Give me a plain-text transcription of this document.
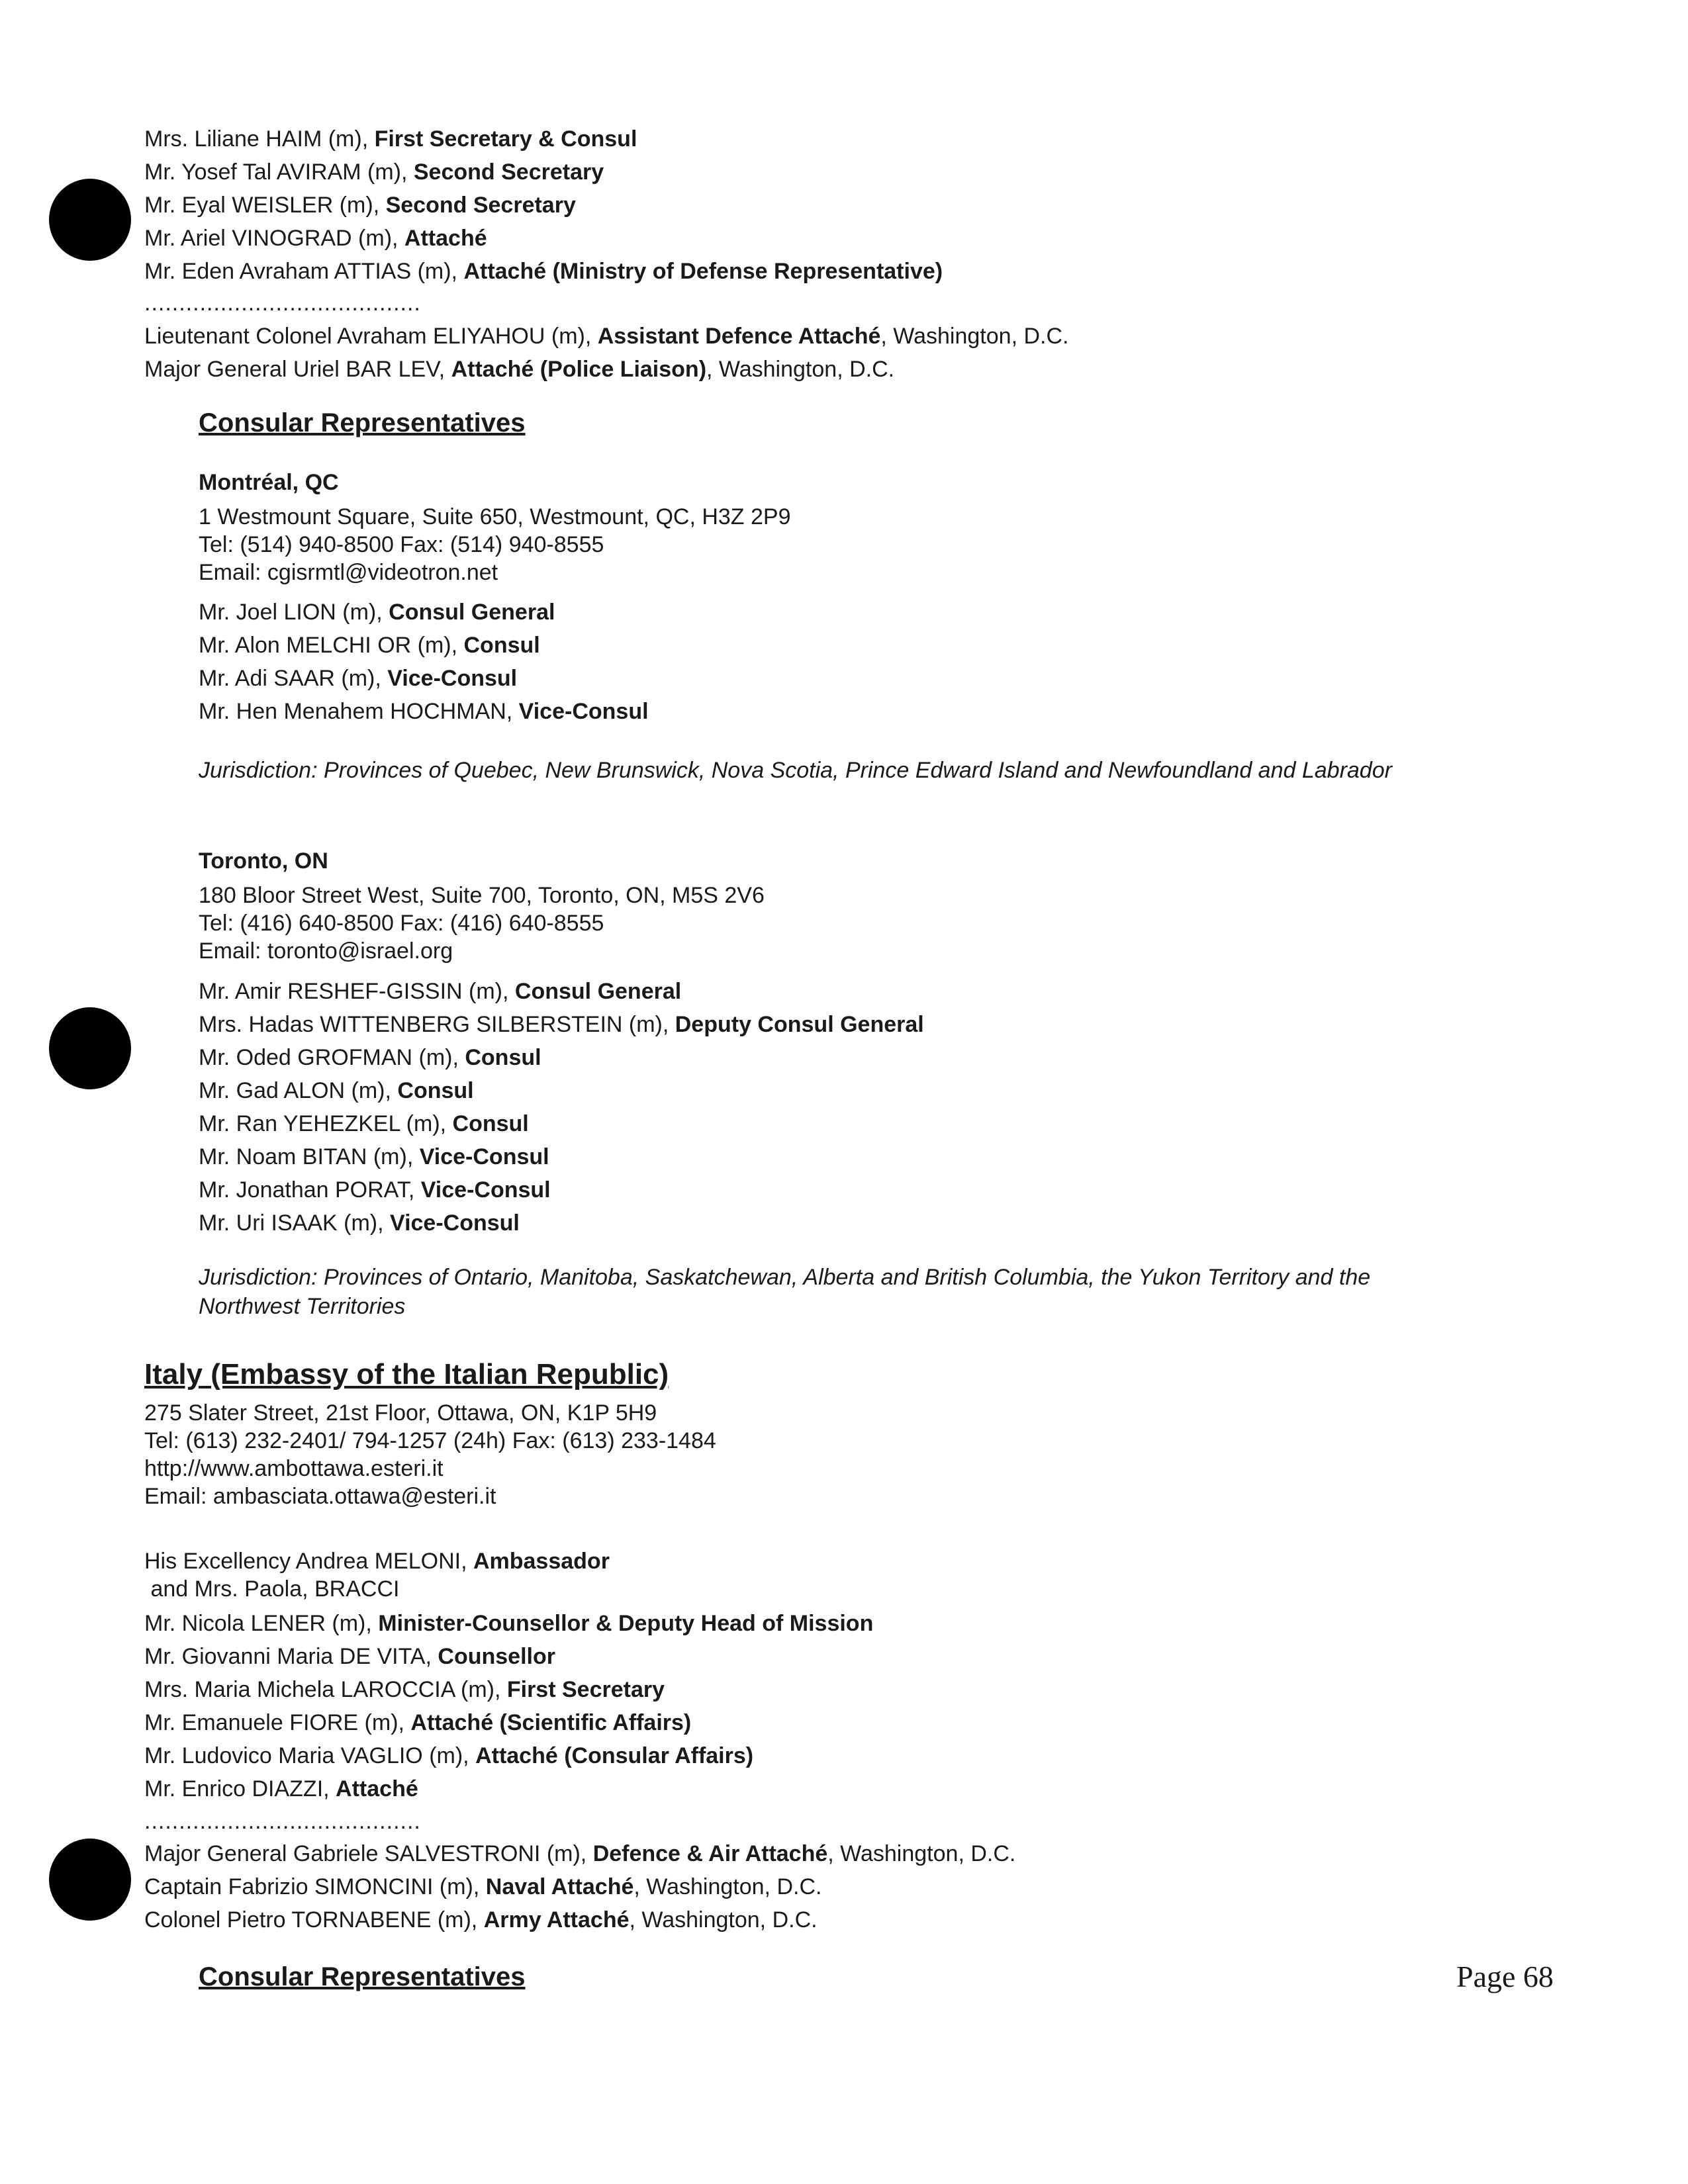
Mrs. Liliane HAIM (m), First Secretary & Consul
Mr. Yosef Tal AVIRAM (m), Second Secretary
Mr. Eyal WEISLER (m), Second Secretary
Mr. Ariel VINOGRAD (m), Attaché
Mr. Eden Avraham ATTIAS (m), Attaché (Ministry of Defense Representative)
........................................
Lieutenant Colonel Avraham ELIYAHOU (m), Assistant Defence Attaché, Washington, D.C.
Major General Uriel BAR LEV, Attaché (Police Liaison), Washington, D.C.
Consular Representatives
Montréal, QC
1 Westmount Square, Suite 650, Westmount, QC, H3Z 2P9
Tel: (514) 940-8500 Fax: (514) 940-8555
Email: cgisrmtl@videotron.net
Mr. Joel LION (m), Consul General
Mr. Alon MELCHI OR (m), Consul
Mr. Adi SAAR (m), Vice-Consul
Mr. Hen Menahem HOCHMAN, Vice-Consul
Jurisdiction: Provinces of Quebec, New Brunswick, Nova Scotia, Prince Edward Island and Newfoundland and Labrador
Toronto, ON
180 Bloor Street West, Suite 700, Toronto, ON, M5S 2V6
Tel: (416) 640-8500 Fax: (416) 640-8555
Email: toronto@israel.org
Mr. Amir RESHEF-GISSIN (m), Consul General
Mrs. Hadas WITTENBERG SILBERSTEIN (m), Deputy Consul General
Mr. Oded GROFMAN (m), Consul
Mr. Gad ALON (m), Consul
Mr. Ran YEHEZKEL (m), Consul
Mr. Noam BITAN (m), Vice-Consul
Mr. Jonathan PORAT, Vice-Consul
Mr. Uri ISAAK (m), Vice-Consul
Jurisdiction: Provinces of Ontario, Manitoba, Saskatchewan, Alberta and British Columbia, the Yukon Territory and the
Northwest Territories
Italy (Embassy of the Italian Republic)
275 Slater Street, 21st Floor, Ottawa, ON, K1P 5H9
Tel: (613) 232-2401/ 794-1257 (24h) Fax: (613) 233-1484
http://www.ambottawa.esteri.it
Email: ambasciata.ottawa@esteri.it
His Excellency Andrea MELONI, Ambassador
and Mrs. Paola, BRACCI
Mr. Nicola LENER (m), Minister-Counsellor & Deputy Head of Mission
Mr. Giovanni Maria DE VITA, Counsellor
Mrs. Maria Michela LAROCCIA (m), First Secretary
Mr. Emanuele FIORE (m), Attaché (Scientific Affairs)
Mr. Ludovico Maria VAGLIO (m), Attaché (Consular Affairs)
Mr. Enrico DIAZZI, Attaché
........................................
Major General Gabriele SALVESTRONI (m), Defence & Air Attaché, Washington, D.C.
Captain Fabrizio SIMONCINI (m), Naval Attaché, Washington, D.C.
Colonel Pietro TORNABENE (m), Army Attaché, Washington, D.C.
Consular Representatives	Page 68
